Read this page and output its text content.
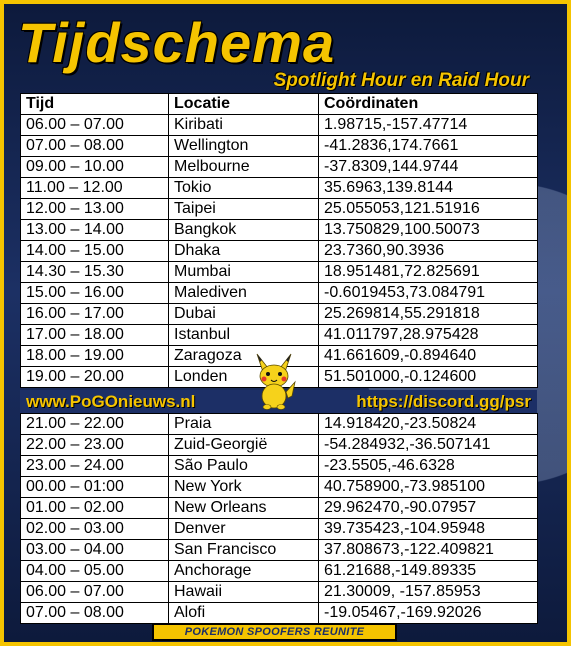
Tijdschema
Spotlight Hour en Raid Hour
Tijd	Locatie	Coördinaten
06.00 – 07.00	Kiribati	1.98715,-157.47714
07.00 – 08.00	Wellington	-41.2836,174.7661
09.00 – 10.00	Melbourne	-37.8309,144.9744
11.00 – 12.00	Tokio	35.6963,139.8144
12.00 – 13.00	Taipei	25.055053,121.51916
13.00 – 14.00	Bangkok	13.750829,100.50073
14.00 – 15.00	Dhaka	23.7360,90.3936
14.30 – 15.30	Mumbai	18.951481,72.825691
15.00 – 16.00	Malediven	-0.6019453,73.084791
16.00 – 17.00	Dubai	25.269814,55.291818
17.00 – 18.00	Istanbul	41.011797,28.975428
18.00 – 19.00	Zaragoza	41.661609,-0.894640
19.00 – 20.00	Londen	51.501000,-0.124600
www.PoGOnieuws.nl	https://discord.gg/psr
21.00 – 22.00	Praia	14.918420,-23.50824
22.00 – 23.00	Zuid-Georgië	-54.284932,-36.507141
23.00 – 24.00	São Paulo	-23.5505,-46.6328
00.00 – 01:00	New York	40.758900,-73.985100
01.00 – 02.00	New Orleans	29.962470,-90.07957
02.00 – 03.00	Denver	39.735423,-104.95948
03.00 – 04.00	San Francisco	37.808673,-122.409821
04.00 – 05.00	Anchorage	61.21688,-149.89335
06.00 – 07.00	Hawaii	21.30009, -157.85953
07.00 – 08.00	Alofi	-19.05467,-169.92026
POKEMON SPOOFERS REUNITE
